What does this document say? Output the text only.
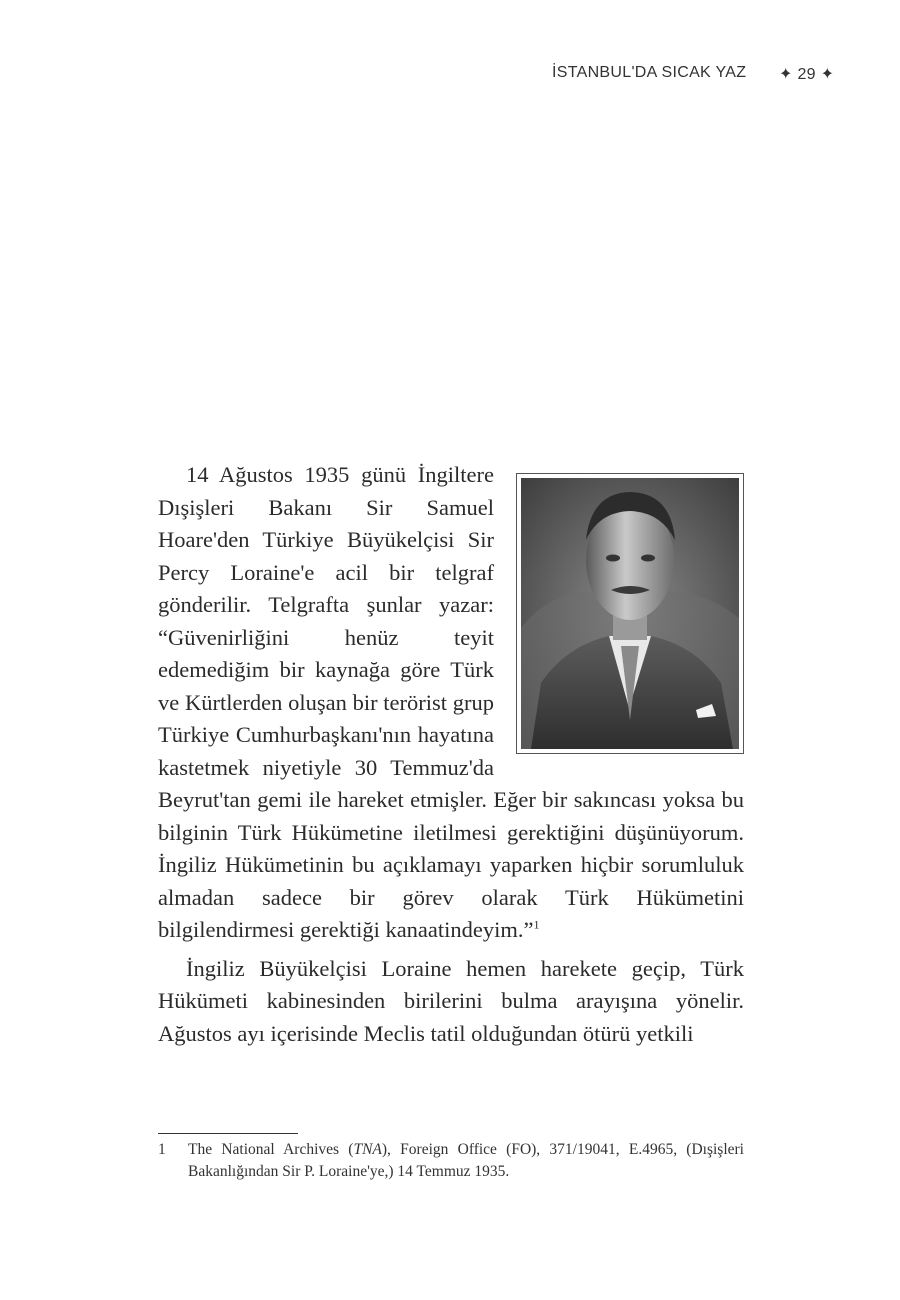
İSTANBUL'DA SICAK YAZ ✦ 29 ✦

14 Ağustos 1935 günü İngiltere Dışişleri Bakanı Sir Samuel Hoare'den Türkiye Büyükelçisi Sir Percy Loraine'e acil bir telgraf gönderilir. Telgrafta şunlar yazar: “Güvenirliğini henüz teyit edemediğim bir kaynağa göre Türk ve Kürtlerden oluşan bir terörist grup Türkiye Cumhurbaşkanı'nın hayatına kastetmek niyetiyle 30 Temmuz'da Beyrut'tan gemi ile hareket etmişler. Eğer bir sakıncası yoksa bu bilginin Türk Hükümetine iletilmesi gerektiğini düşünüyorum. İngiliz Hükümetinin bu açıklamayı yaparken hiçbir sorumluluk almadan sadece bir görev olarak Türk Hükümetini bilgilendirmesi gerektiği kanaatindeyim.”$^1$

İngiliz Büyükelçisi Loraine hemen harekete geçip, Türk Hükümeti kabinesinden birilerini bulma arayışına yönelir. Ağustos ayı içerisinde Meclis tatil olduğundan ötürü yetkili

1 The National Archives (TNA), Foreign Office (FO), 371/19041, E.4965, (Dışişleri Bakanlığından Sir P. Loraine'ye,) 14 Temmuz 1935.
